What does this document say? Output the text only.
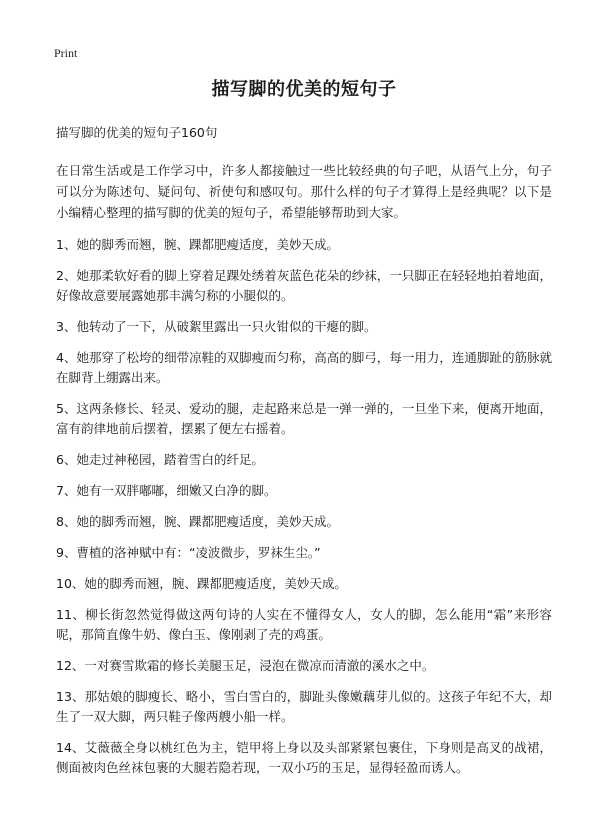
Print
描写脚的优美的短句子
描写脚的优美的短句子160句
在日常生活或是工作学习中，许多人都接触过一些比较经典的句子吧，从语气上分，句子可以分为陈述句、疑问句、祈使句和感叹句。那什么样的句子才算得上是经典呢？以下是小编精心整理的描写脚的优美的短句子，希望能够帮助到大家。
1、她的脚秀而翘，腕、踝都肥瘦适度，美妙天成。
2、她那柔软好看的脚上穿着足踝处绣着灰蓝色花朵的纱袜，一只脚正在轻轻地拍着地面，好像故意要展露她那丰满匀称的小腿似的。
3、他转动了一下，从破絮里露出一只火钳似的干瘪的脚。
4、她那穿了松垮的细带凉鞋的双脚瘦而匀称，高高的脚弓，每一用力，连通脚趾的筋脉就在脚背上绷露出来。
5、这两条修长、轻灵、爱动的腿，走起路来总是一弹一弹的，一旦坐下来，便离开地面，富有韵律地前后摆着，摆累了便左右摇着。
6、她走过神秘园，踏着雪白的纤足。
7、她有一双胖嘟嘟，细嫩又白净的脚。
8、她的脚秀而翘，腕、踝都肥瘦适度，美妙天成。
9、曹植的洛神赋中有：“凌波微步，罗袜生尘。”
10、她的脚秀而翘，腕、踝都肥瘦适度，美妙天成。
11、柳长街忽然觉得做这两句诗的人实在不懂得女人，女人的脚，怎么能用“霜”来形容呢，那简直像牛奶、像白玉、像刚剥了壳的鸡蛋。
12、一对赛雪欺霜的修长美腿玉足，浸泡在微凉而清澈的溪水之中。
13、那姑娘的脚瘦长、略小，雪白雪白的，脚趾头像嫩藕芽儿似的。这孩子年纪不大，却生了一双大脚，两只鞋子像两艘小船一样。
14、艾薇薇全身以桃红色为主，铠甲将上身以及头部紧紧包裹住，下身则是高叉的战裙，侧面被肉色丝袜包裹的大腿若隐若现，一双小巧的玉足，显得轻盈而诱人。
